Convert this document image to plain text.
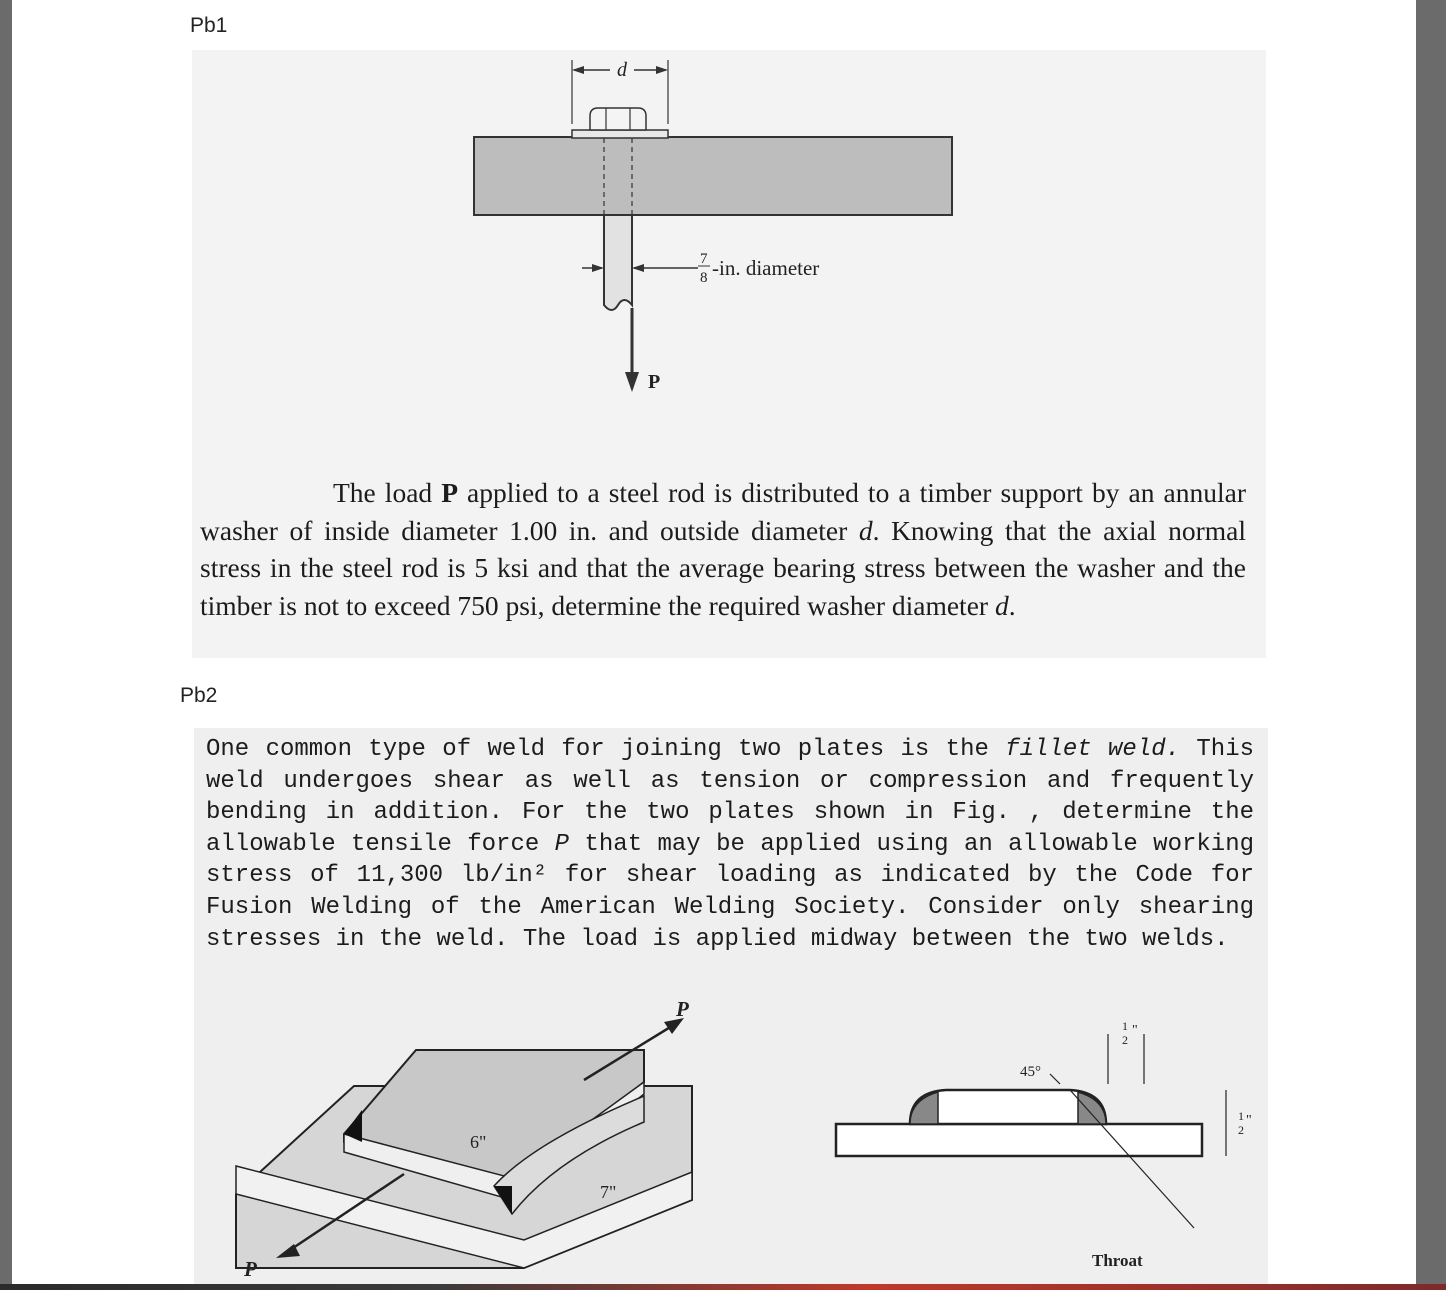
Pb1
d
7
8 -in. diameter
P
The load P applied to a steel rod is distributed to a timber support by an annular washer of inside diameter 1.00 in. and outside diameter d. Knowing that the axial normal stress in the steel rod is 5 ksi and that the average bearing stress between the washer and the timber is not to exceed 750 psi, determine the required washer diameter d.
Pb2
One common type of weld for joining two plates is the fillet weld. This weld undergoes shear as well as tension or compression and frequently bending in addition. For the two plates shown in Fig. , determine the allowable tensile force P that may be applied using an allowable working stress of 11,300 lb/in² for shear loading as indicated by the Code for Fusion Welding of the American Welding Society. Consider only shearing stresses in the weld. The load is applied midway between the two welds.
P
P
6"
7"
45°
1
2
"
1
2
"
Throat
